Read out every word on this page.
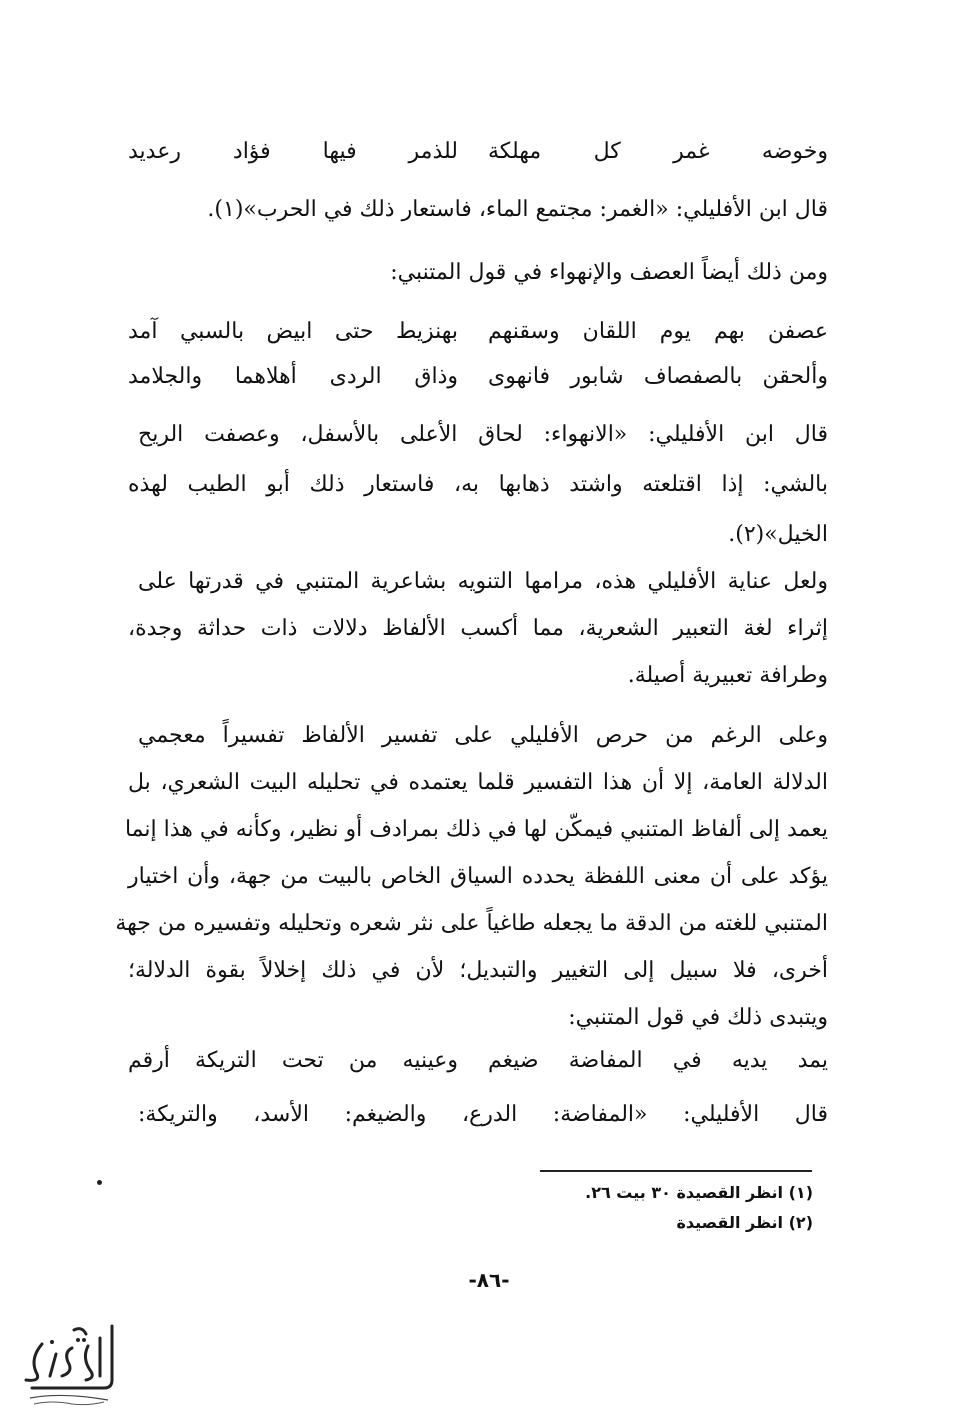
وخوضه غمر كل مهلكة
للذمر فيها فؤاد رعديد
قال ابن الأفليلي: «الغمر: مجتمع الماء، فاستعار ذلك في الحرب»(١).
ومن ذلك أيضاً العصف والإنهواء في قول المتنبي:
عصفن بهم يوم اللقان وسقنهم
بهنزيط حتى ابيض بالسبي آمد
وألحقن بالصفصاف شابور فانهوى
وذاق الردى أهلاهما والجلامد
قال ابن الأفليلي: «الانهواء: لحاق الأعلى بالأسفل، وعصفت الريح
بالشي: إذا اقتلعته واشتد ذهابها به، فاستعار ذلك أبو الطيب لهذه
الخيل»(٢).
ولعل عناية الأفليلي هذه، مرامها التنويه بشاعرية المتنبي في قدرتها على
إثراء لغة التعبير الشعرية، مما أكسب الألفاظ دلالات ذات حداثة وجدة،
وطرافة تعبيرية أصيلة.
وعلى الرغم من حرص الأفليلي على تفسير الألفاظ تفسيراً معجمي
الدلالة العامة، إلا أن هذا التفسير قلما يعتمده في تحليله البيت الشعري، بل
يعمد إلى ألفاظ المتنبي فيمكّن لها في ذلك بمرادف أو نظير، وكأنه في هذا إنما
يؤكد على أن معنى اللفظة يحدده السياق الخاص بالبيت من جهة، وأن اختيار
المتنبي للغته من الدقة ما يجعله طاغياً على نثر شعره وتحليله وتفسيره من جهة
أخرى، فلا سبيل إلى التغيير والتبديل؛ لأن في ذلك إخلالاً بقوة الدلالة؛
ويتبدى ذلك في قول المتنبي:
يمد يديه في المفاضة ضيغم
وعينيه من تحت التريكة أرقم
قال الأفليلي: «المفاضة: الدرع، والضيغم: الأسد، والتريكة:
(١) انظر القصيدة ٣٠ بيت ٢٦.
(٢) انظر القصيدة
-٨٦-
